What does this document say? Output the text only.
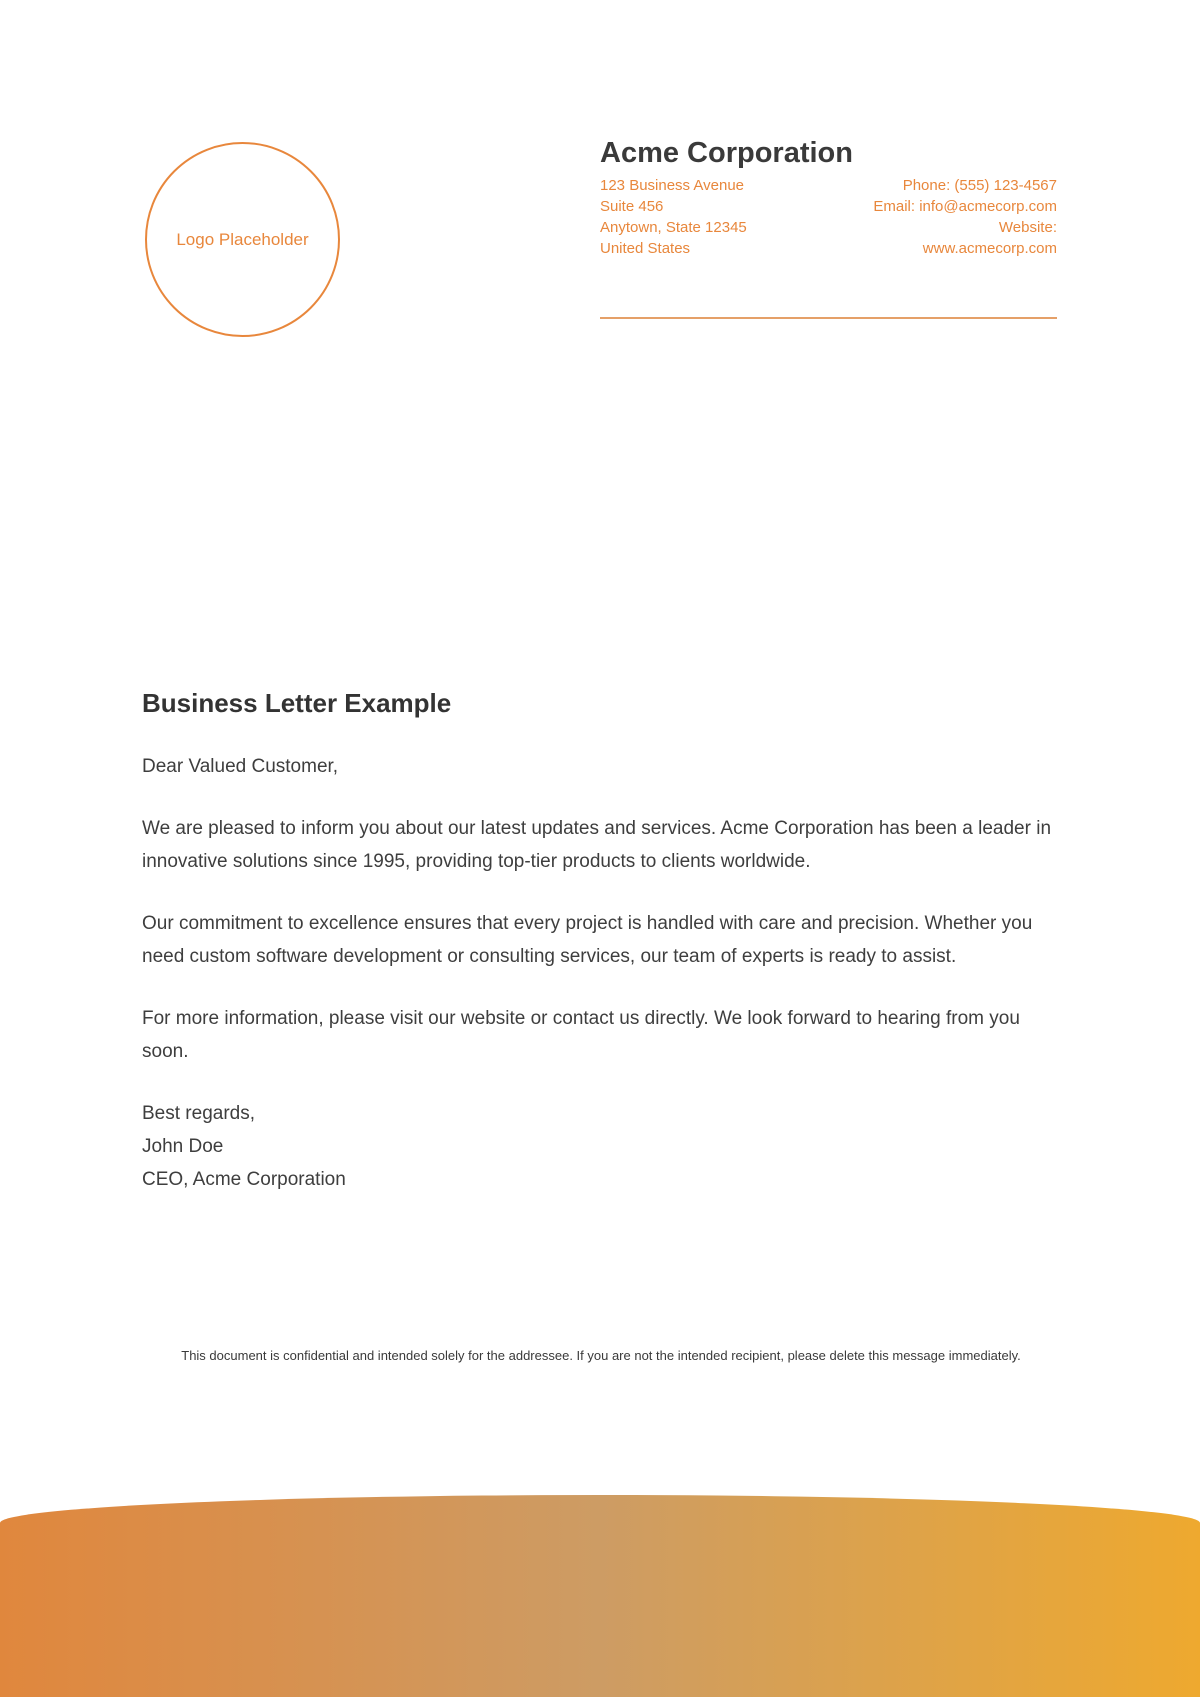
Logo Placeholder
Acme Corporation
123 Business Avenue
Suite 456
Anytown, State 12345
United States
Phone: (555) 123-4567
Email: info@acmecorp.com
Website:
www.acmecorp.com
Business Letter Example

Dear Valued Customer,

We are pleased to inform you about our latest updates and services. Acme Corporation has been a leader in innovative solutions since 1995, providing top-tier products to clients worldwide.

Our commitment to excellence ensures that every project is handled with care and precision. Whether you need custom software development or consulting services, our team of experts is ready to assist.

For more information, please visit our website or contact us directly. We look forward to hearing from you soon.

Best regards,
John Doe
CEO, Acme Corporation
This document is confidential and intended solely for the addressee. If you are not the intended recipient, please delete this message immediately.
